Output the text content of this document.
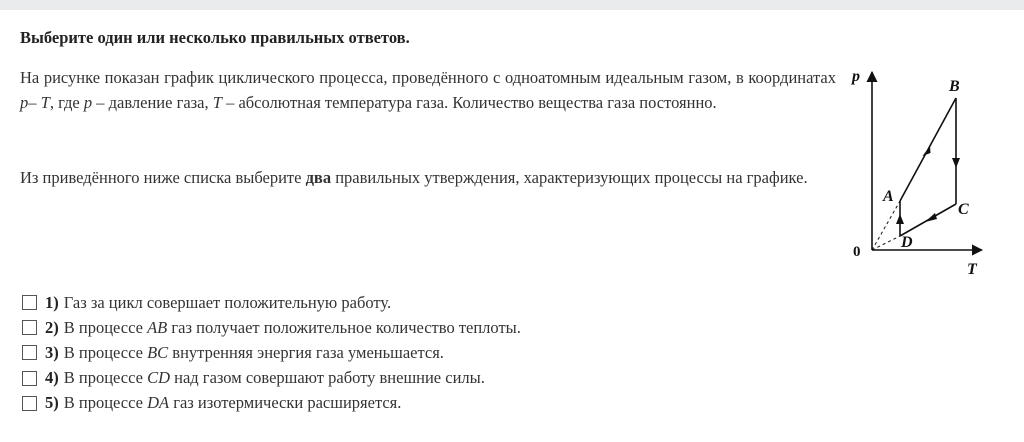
Выберите один или несколько правильных ответов.
На рисунке показан график циклического процесса, проведённого с одноатомным идеальным газом, в координатах p– T, где p – давление газа, T – абсолютная температура газа. Количество вещества газа постоянно.
Из приведённого ниже списка выберите два правильных утверждения, характеризующих процессы на графике.
p
T
0
A
B
C
D
1) Газ за цикл совершает положительную работу.
2) В процессе AB газ получает положительное количество теплоты.
3) В процессе BC внутренняя энергия газа уменьшается.
4) В процессе CD над газом совершают работу внешние силы.
5) В процессе DA газ изотермически расширяется.
